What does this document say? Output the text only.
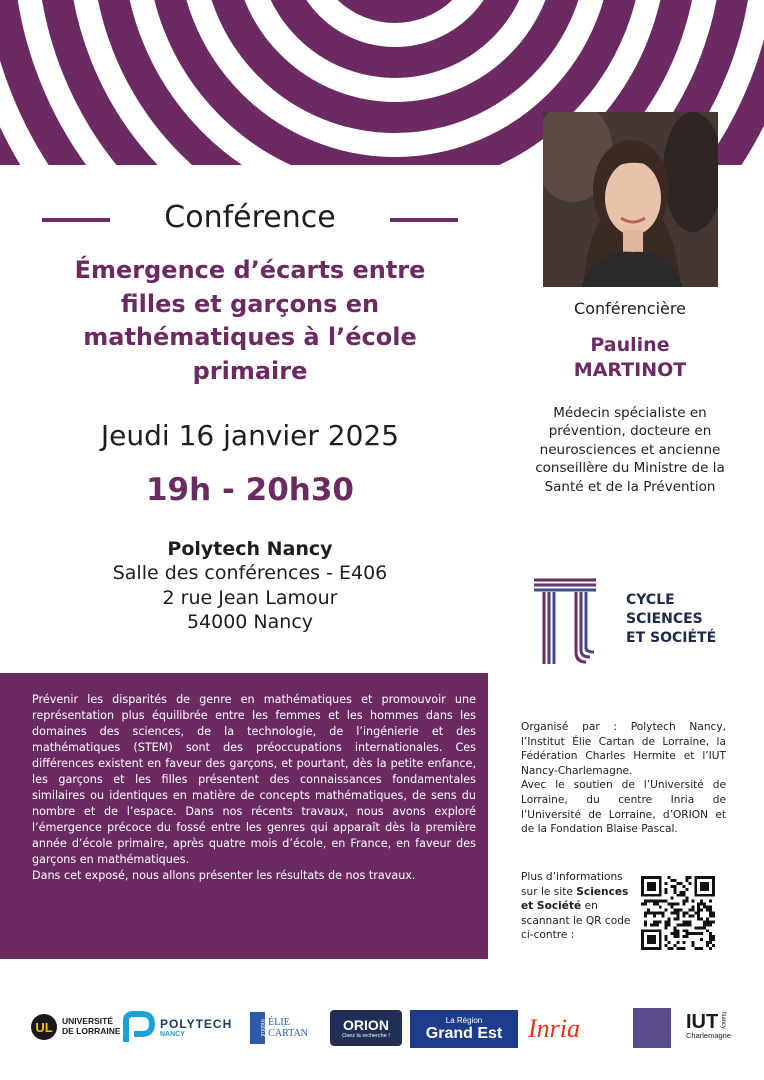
Conférence
Émergence d’écarts entre filles et garçons en mathématiques à l’école primaire
Jeudi 16 janvier 2025
19h - 20h30
Polytech Nancy
Salle des conférences - E406
2 rue Jean Lamour
54000 Nancy
Conférencière
Pauline
MARTINOT
Médecin spécialiste en prévention, docteure en neurosciences et ancienne conseillère du Ministre de la Santé et de la Prévention
CYCLE
SCIENCES
ET SOCIÉTÉ

Prévenir les disparités de genre en mathématiques et promouvoir une représentation plus équilibrée entre les femmes et les hommes dans les domaines des sciences, de la technologie, de l’ingénierie et des mathématiques (STEM) sont des préoccupations internationales. Ces différences existent en faveur des garçons, et pourtant, dès la petite enfance, les garçons et les filles présentent des connaissances fondamentales similaires ou identiques en matière de concepts mathématiques, de sens du nombre et de l’espace. Dans nos récents travaux, nous avons exploré l’émergence précoce du fossé entre les genres qui apparaît dès la première année d’école primaire, après quatre mois d’école, en France, en faveur des garçons en mathématiques.

Dans cet exposé, nous allons présenter les résultats de nos travaux.

Organisé par : Polytech Nancy, l’Institut Élie Cartan de Lorraine, la Fédération Charles Hermite et l’IUT Nancy-Charlemagne.
Avec le soutien de l’Université de Lorraine, du centre Inria de l’Université de Lorraine, d’ORION et de la Fondation Blaise Pascal.
Plus d’informations sur le site Sciences et Société en scannant le QR code ci-contre :
UL UNIVERSITÉ
DE LORRAINE
POLYTECH
NANCY	Institut ÉLIE CARTAN
ORION
Osez la recherche !
La Région
Grand Est Inria	IUT Nancy
Charlemagne
